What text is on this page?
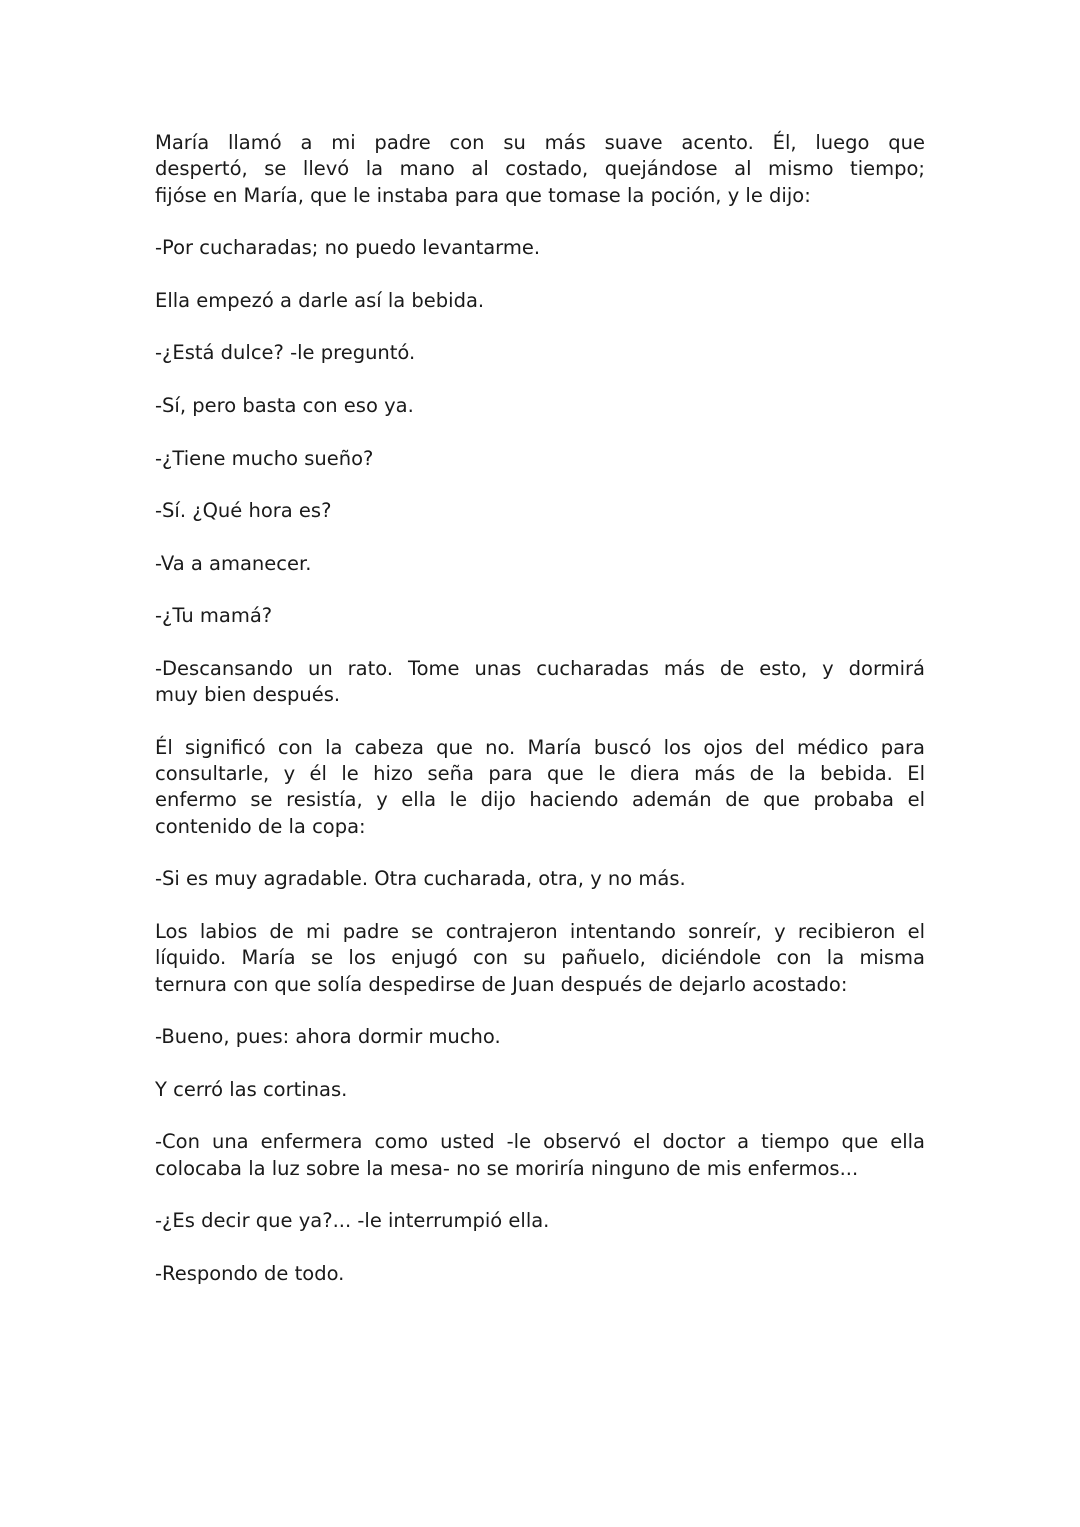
María llamó a mi padre con su más suave acento. Él, luego que
despertó, se llevó la mano al costado, quejándose al mismo tiempo;
fijóse en María, que le instaba para que tomase la poción, y le dijo:
-Por cucharadas; no puedo levantarme.
Ella empezó a darle así la bebida.
-¿Está dulce? -le preguntó.
-Sí, pero basta con eso ya.
-¿Tiene mucho sueño?
-Sí. ¿Qué hora es?
-Va a amanecer.
-¿Tu mamá?
-Descansando un rato. Tome unas cucharadas más de esto, y dormirá
muy bien después.
Él significó con la cabeza que no. María buscó los ojos del médico para
consultarle, y él le hizo seña para que le diera más de la bebida. El
enfermo se resistía, y ella le dijo haciendo ademán de que probaba el
contenido de la copa:
-Si es muy agradable. Otra cucharada, otra, y no más.
Los labios de mi padre se contrajeron intentando sonreír, y recibieron el
líquido. María se los enjugó con su pañuelo, diciéndole con la misma
ternura con que solía despedirse de Juan después de dejarlo acostado:
-Bueno, pues: ahora dormir mucho.
Y cerró las cortinas.
-Con una enfermera como usted -le observó el doctor a tiempo que ella
colocaba la luz sobre la mesa- no se moriría ninguno de mis enfermos...
-¿Es decir que ya?... -le interrumpió ella.
-Respondo de todo.
